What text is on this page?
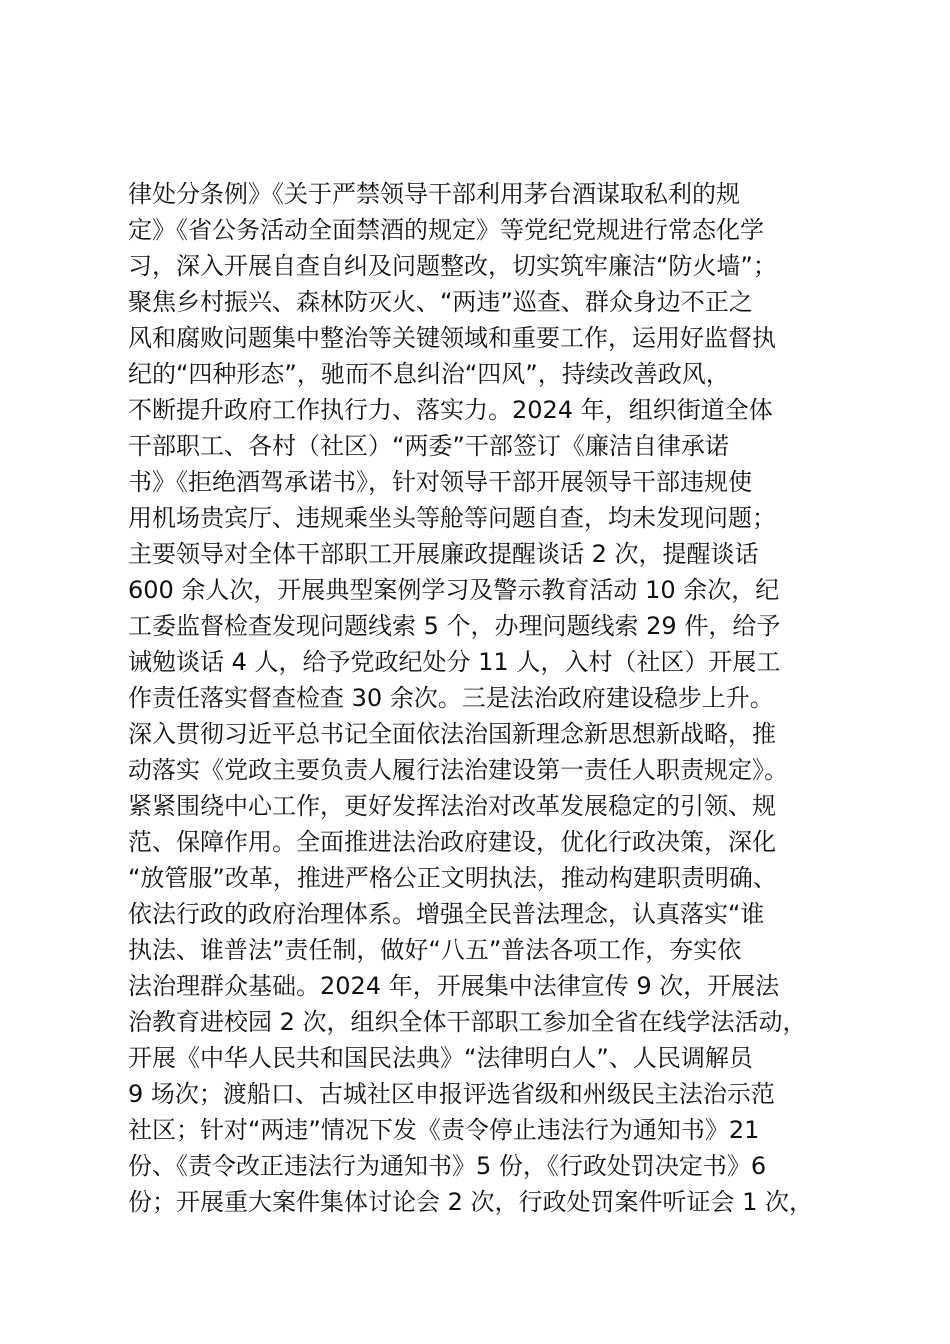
律处分条例》《关于严禁领导干部利用茅台酒谋取私利的规
定》《省公务活动全面禁酒的规定》等党纪党规进行常态化学
习，深入开展自查自纠及问题整改，切实筑牢廉洁“防火墙”；
聚焦乡村振兴、森林防灭火、“两违”巡查、群众身边不正之
风和腐败问题集中整治等关键领域和重要工作，运用好监督执
纪的“四种形态”，驰而不息纠治“四风”，持续改善政风，
不断提升政府工作执行力、落实力。2024 年，组织街道全体
干部职工、各村（社区）“两委”干部签订《廉洁自律承诺
书》《拒绝酒驾承诺书》，针对领导干部开展领导干部违规使
用机场贵宾厅、违规乘坐头等舱等问题自查，均未发现问题；
主要领导对全体干部职工开展廉政提醒谈话 2 次，提醒谈话
600 余人次，开展典型案例学习及警示教育活动 10 余次，纪
工委监督检查发现问题线索 5 个，办理问题线索 29 件，给予
诫勉谈话 4 人，给予党政纪处分 11 人，入村（社区）开展工
作责任落实督查检查 30 余次。三是法治政府建设稳步上升。
深入贯彻习近平总书记全面依法治国新理念新思想新战略，推
动落实《党政主要负责人履行法治建设第一责任人职责规定》。
紧紧围绕中心工作，更好发挥法治对改革发展稳定的引领、规
范、保障作用。全面推进法治政府建设，优化行政决策，深化
“放管服”改革，推进严格公正文明执法，推动构建职责明确、
依法行政的政府治理体系。增强全民普法理念，认真落实“谁
执法、谁普法”责任制，做好“八五”普法各项工作，夯实依
法治理群众基础。2024 年，开展集中法律宣传 9 次，开展法
治教育进校园 2 次，组织全体干部职工参加全省在线学法活动，
开展《中华人民共和国民法典》“法律明白人”、人民调解员
9 场次；渡船口、古城社区申报评选省级和州级民主法治示范
社区；针对“两违”情况下发《责令停止违法行为通知书》21
份、《责令改正违法行为通知书》5 份，《行政处罚决定书》6
份；开展重大案件集体讨论会 2 次，行政处罚案件听证会 1 次，
